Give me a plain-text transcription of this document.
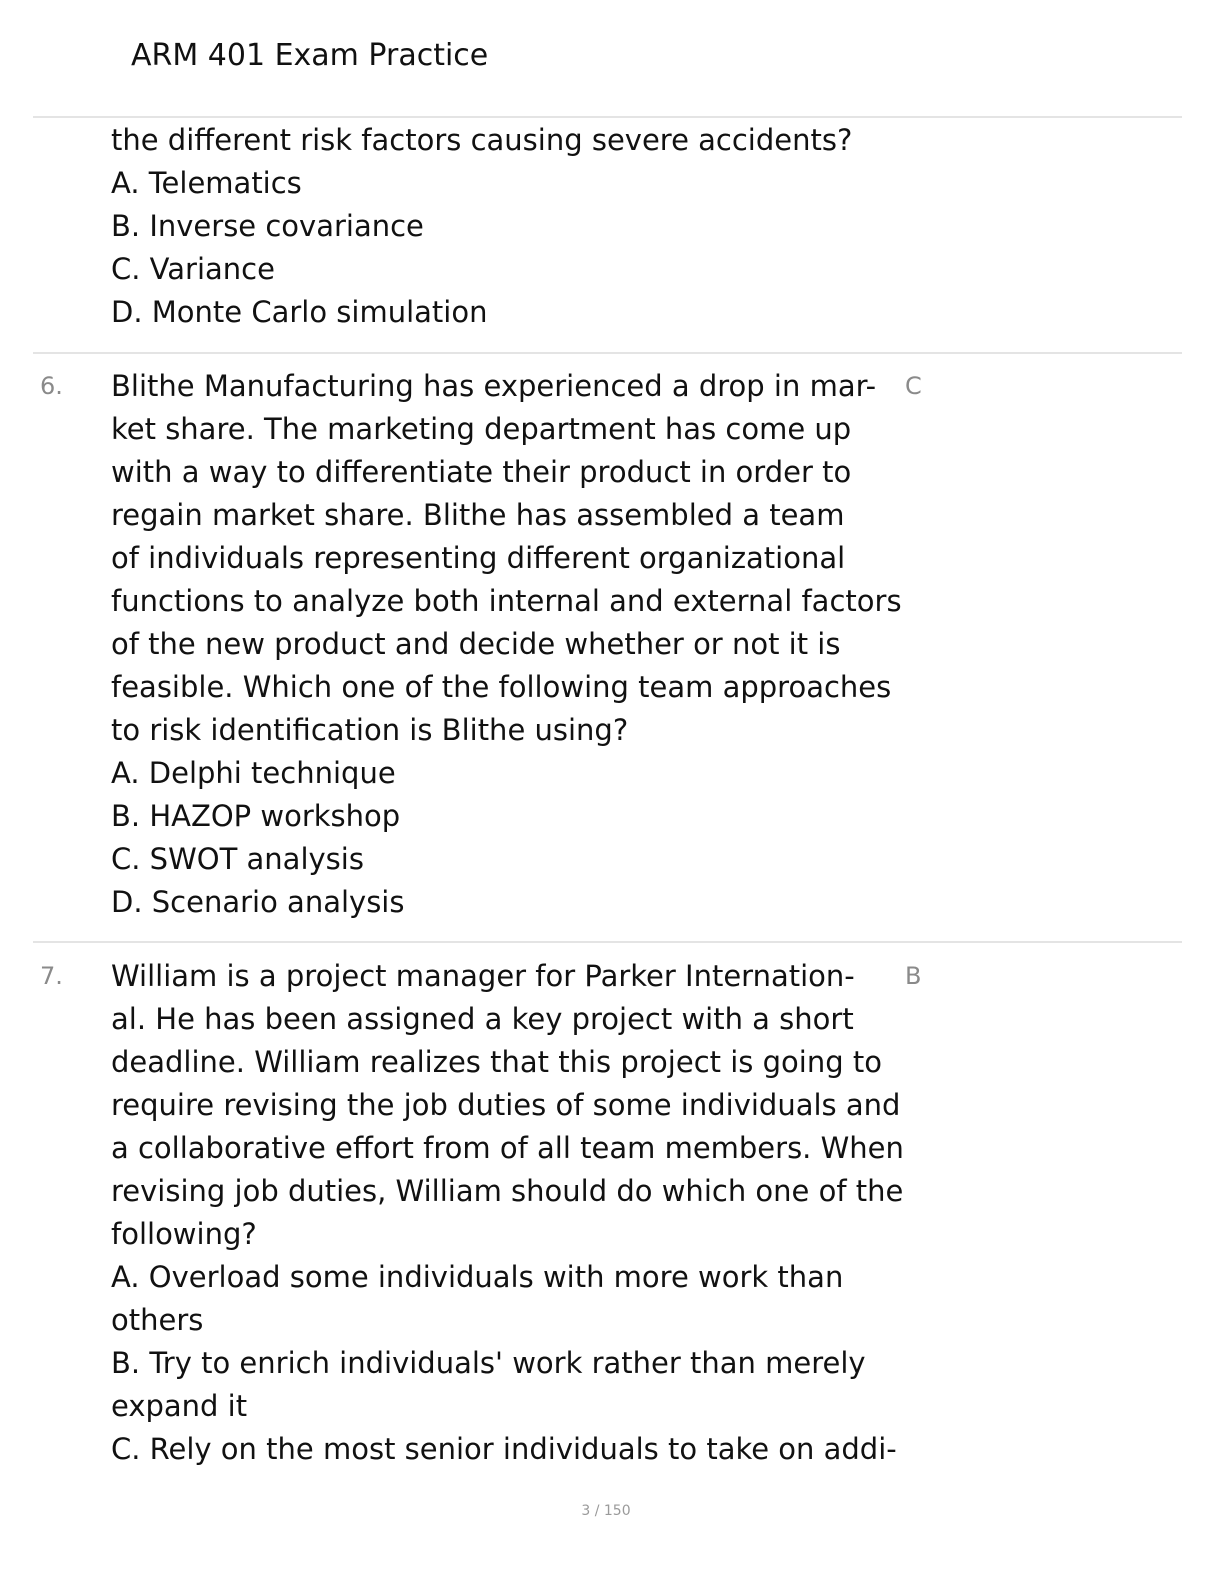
ARM 401 Exam Practice
the different risk factors causing severe accidents?
A. Telematics
B. Inverse covariance
C. Variance
D. Monte Carlo simulation
6.	C
Blithe Manufacturing has experienced a drop in mar-
ket share. The marketing department has come up
with a way to differentiate their product in order to
regain market share. Blithe has assembled a team
of individuals representing different organizational
functions to analyze both internal and external factors
of the new product and decide whether or not it is
feasible. Which one of the following team approaches
to risk identification is Blithe using?
A. Delphi technique
B. HAZOP workshop
C. SWOT analysis
D. Scenario analysis
7.	B
William is a project manager for Parker Internation-
al. He has been assigned a key project with a short
deadline. William realizes that this project is going to
require revising the job duties of some individuals and
a collaborative effort from of all team members. When
revising job duties, William should do which one of the
following?
A. Overload some individuals with more work than
others
B. Try to enrich individuals' work rather than merely
expand it
C. Rely on the most senior individuals to take on addi-
3 / 150
